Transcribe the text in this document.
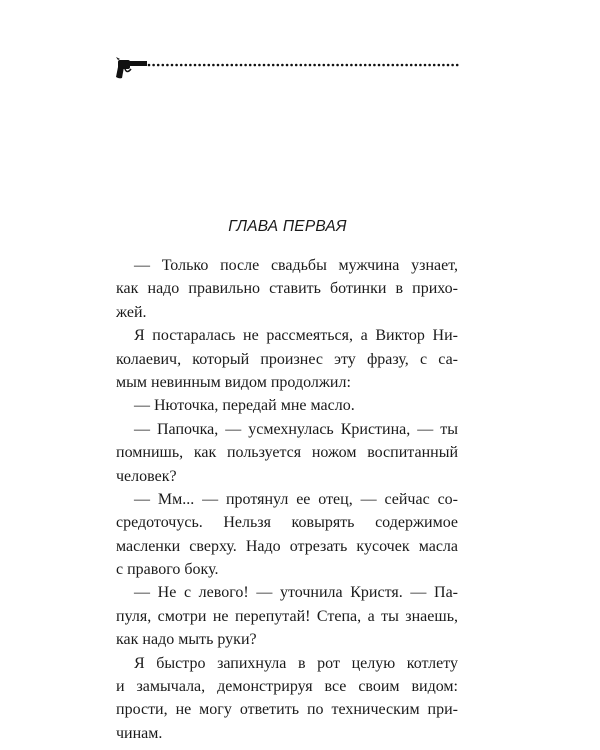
ГЛАВА ПЕРВАЯ
— Только после свадьбы мужчина узнает,
как надо правильно ставить ботинки в прихо-
жей.
Я постаралась не рассмеяться, а Виктор Ни-
колаевич, который произнес эту фразу, с са-
мым невинным видом продолжил:
— Нюточка, передай мне масло.
— Папочка, — усмехнулась Кристина, — ты
помнишь, как пользуется ножом воспитанный
человек?
— Мм... — протянул ее отец, — сейчас со-
средоточусь. Нельзя ковырять содержимое
масленки сверху. Надо отрезать кусочек масла
с правого боку.
— Не с левого! — уточнила Кристя. — Па-
пуля, смотри не перепутай! Степа, а ты знаешь,
как надо мыть руки?
Я быстро запихнула в рот целую котлету
и замычала, демонстрируя все своим видом:
прости, не могу ответить по техническим при-
чинам.
